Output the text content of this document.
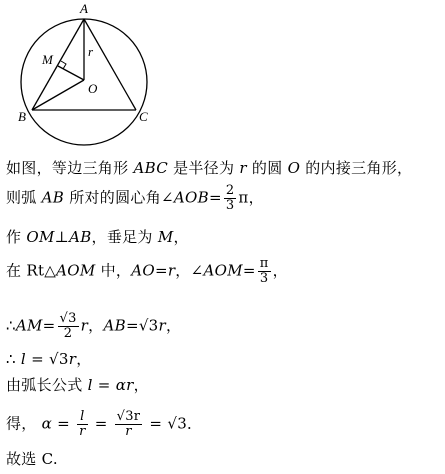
A
M
r
O
B	C
如图，等边三角形 ABC 是半径为 r 的圆 O 的内接三角形，
则弧 AB 所对的圆心角∠AOB= $\frac{2}{3}$ π，
作 OM⊥AB，垂足为 M，
在 Rt△AOM 中，AO=r，∠AOM= $\frac{\pi}{3}$ ，
∴AM= $\frac{√3}{2}$ r，AB=√3r，
∴ l = √3r，
由弧长公式 l = αr，
得， $\alpha = \frac{l}{r} = \frac{√3r}{r} = √3$．
故选 C.
